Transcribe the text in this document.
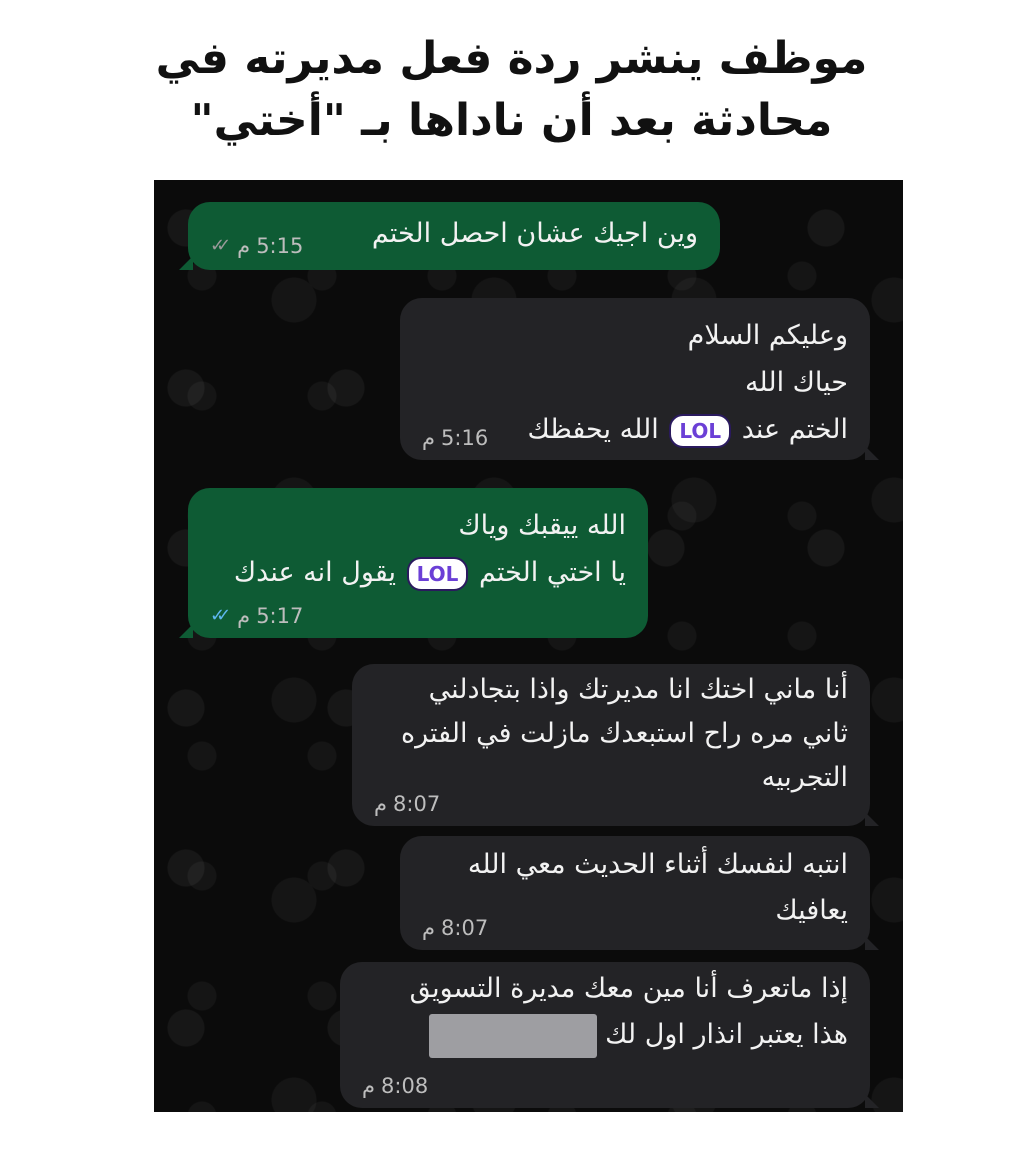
موظف ينشر ردة فعل مديرته في
محادثة بعد أن ناداها بـ "أختي"
وين اجيك عشان احصل الختم
✓✓ م 5:15
وعليكم السلام
حياك الله
الختم عند LOL الله يحفظك
م 5:16
الله ييقبك وياك
يا اختي الختم LOL يقول انه عندك
✓✓ م 5:17
أنا ماني اختك انا مديرتك واذا بتجادلني
ثاني مره راح استبعدك مازلت في الفتره
التجربيه
م 8:07
انتبه لنفسك أثناء الحديث معي الله
يعافيك
م 8:07
إذا ماتعرف أنا مين معك مديرة التسويق
هذا يعتبر انذار اول لك
م 8:08
